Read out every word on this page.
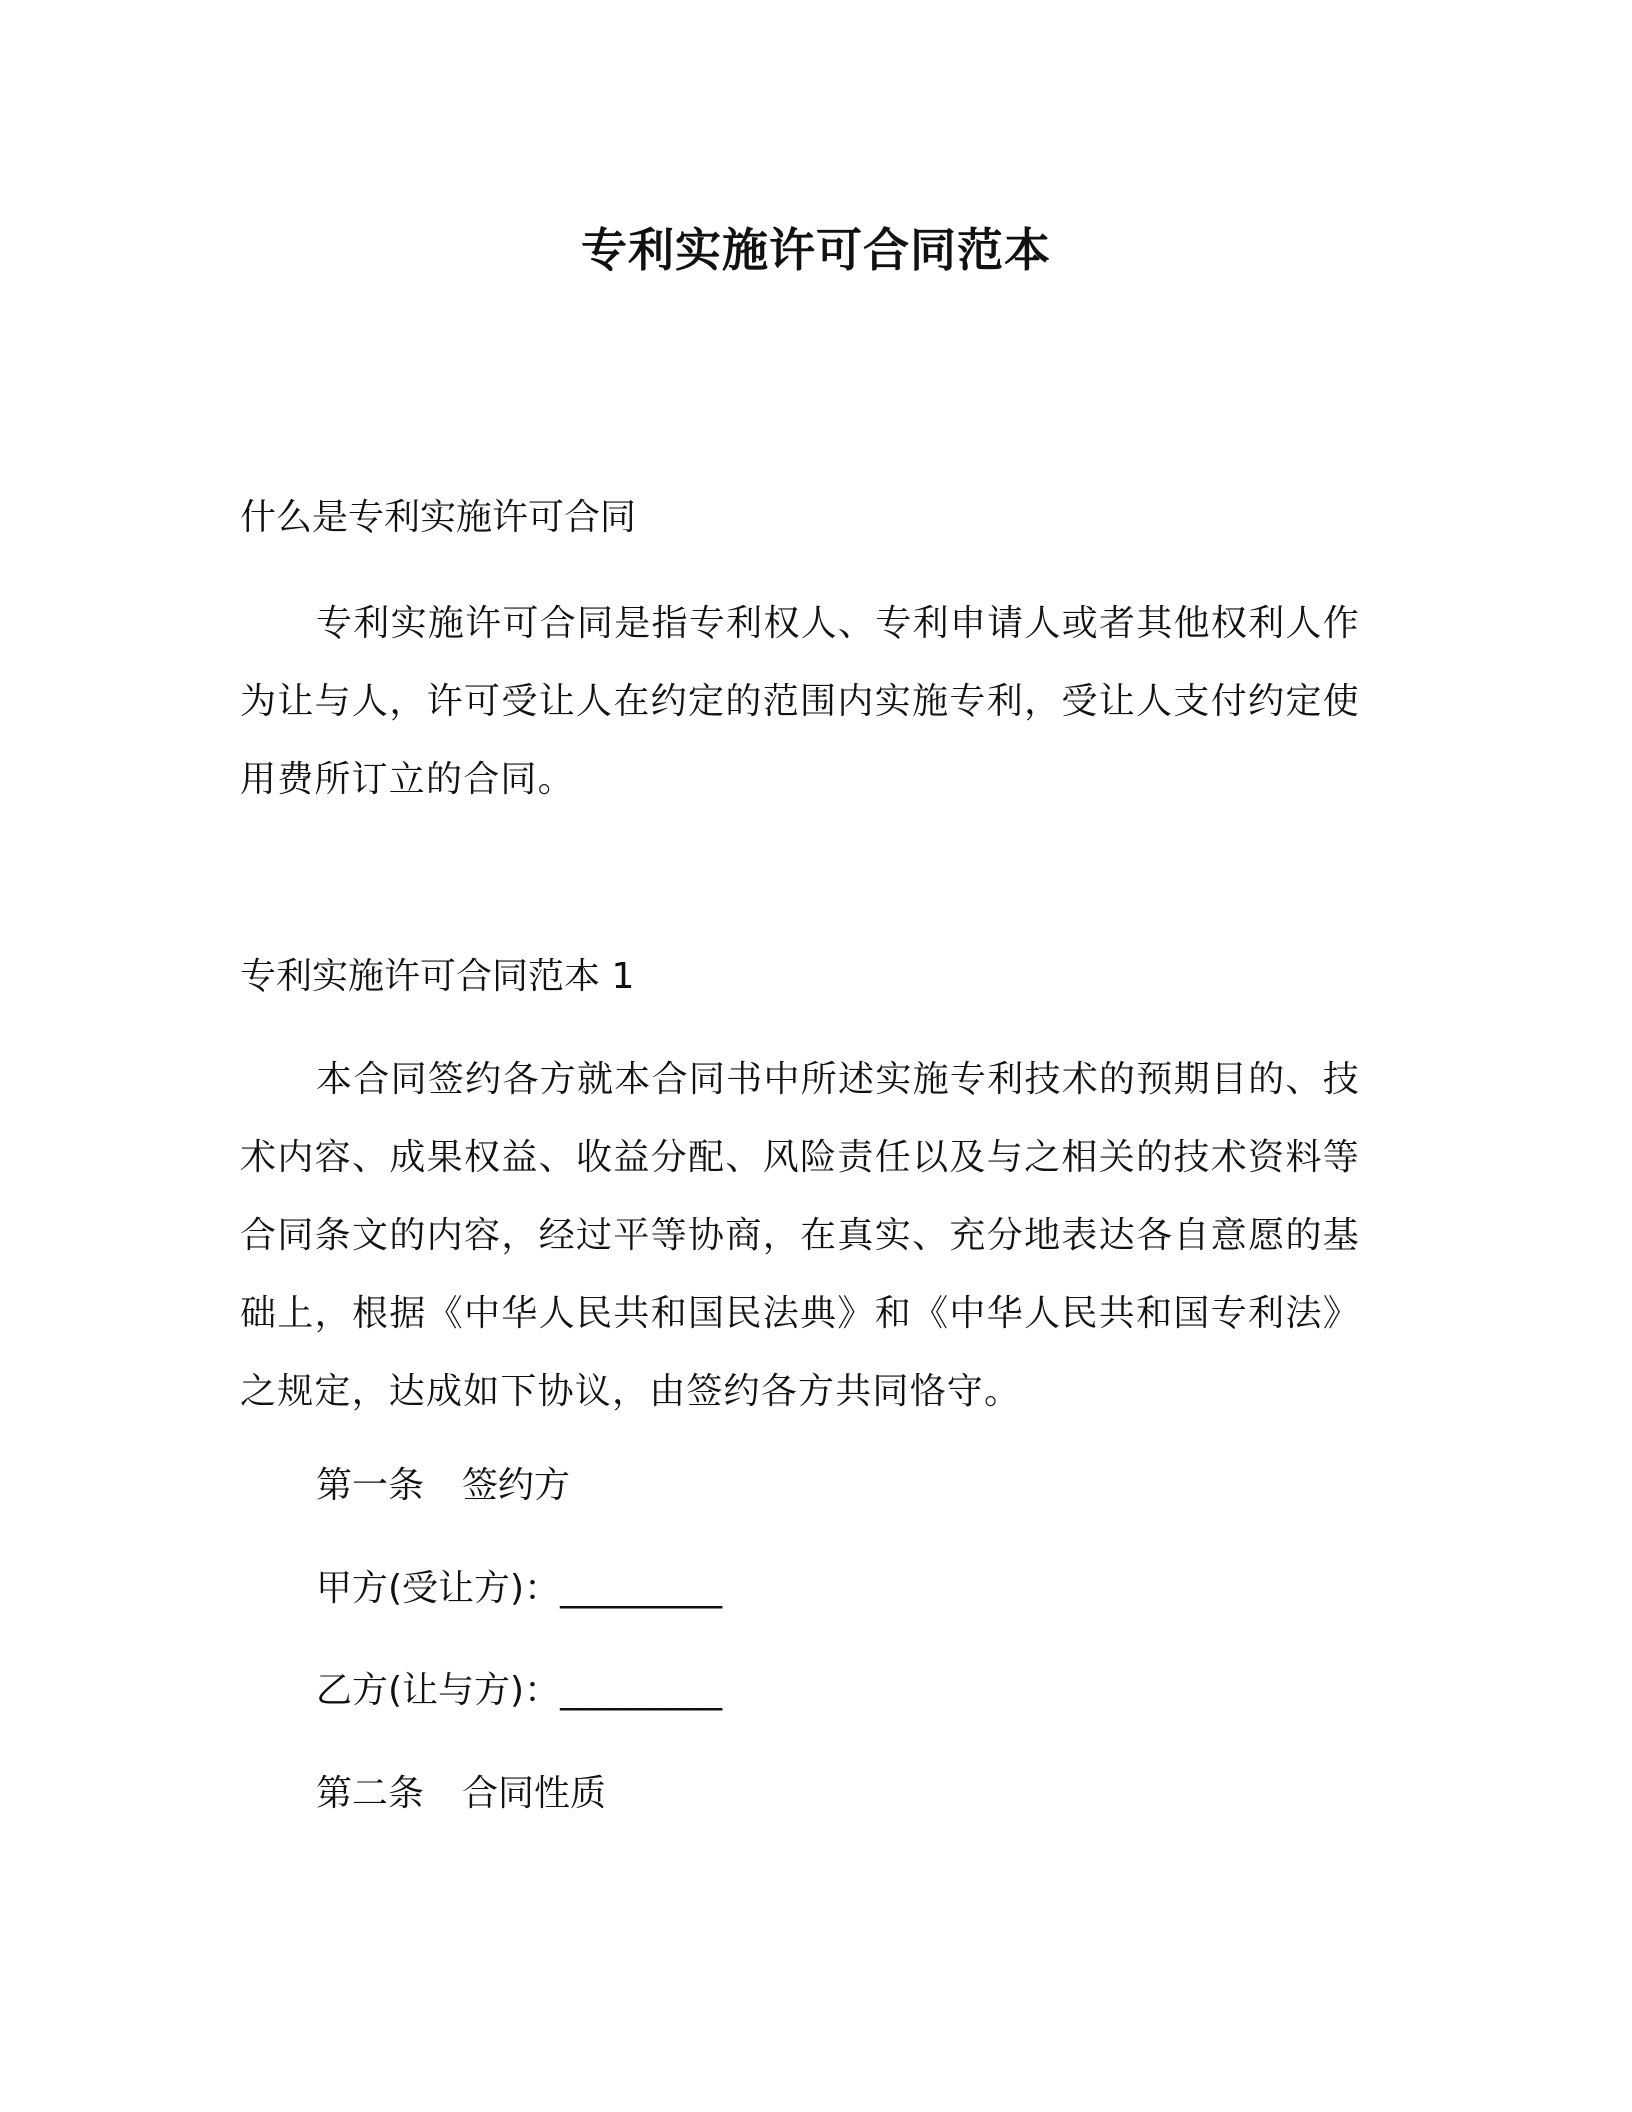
专利实施许可合同范本
什么是专利实施许可合同
专利实施许可合同是指专利权人、专利申请人或者其他权利人作为让与人，许可受让人在约定的范围内实施专利，受让人支付约定使用费所订立的合同。
专利实施许可合同范本 1
本合同签约各方就本合同书中所述实施专利技术的预期目的、技术内容、成果权益、收益分配、风险责任以及与之相关的技术资料等合同条文的内容，经过平等协商，在真实、充分地表达各自意愿的基础上，根据《中华人民共和国民法典》和《中华人民共和国专利法》之规定，达成如下协议，由签约各方共同恪守。
第一条 签约方
甲方(受让方)：_________
乙方(让与方)：_________
第二条 合同性质
